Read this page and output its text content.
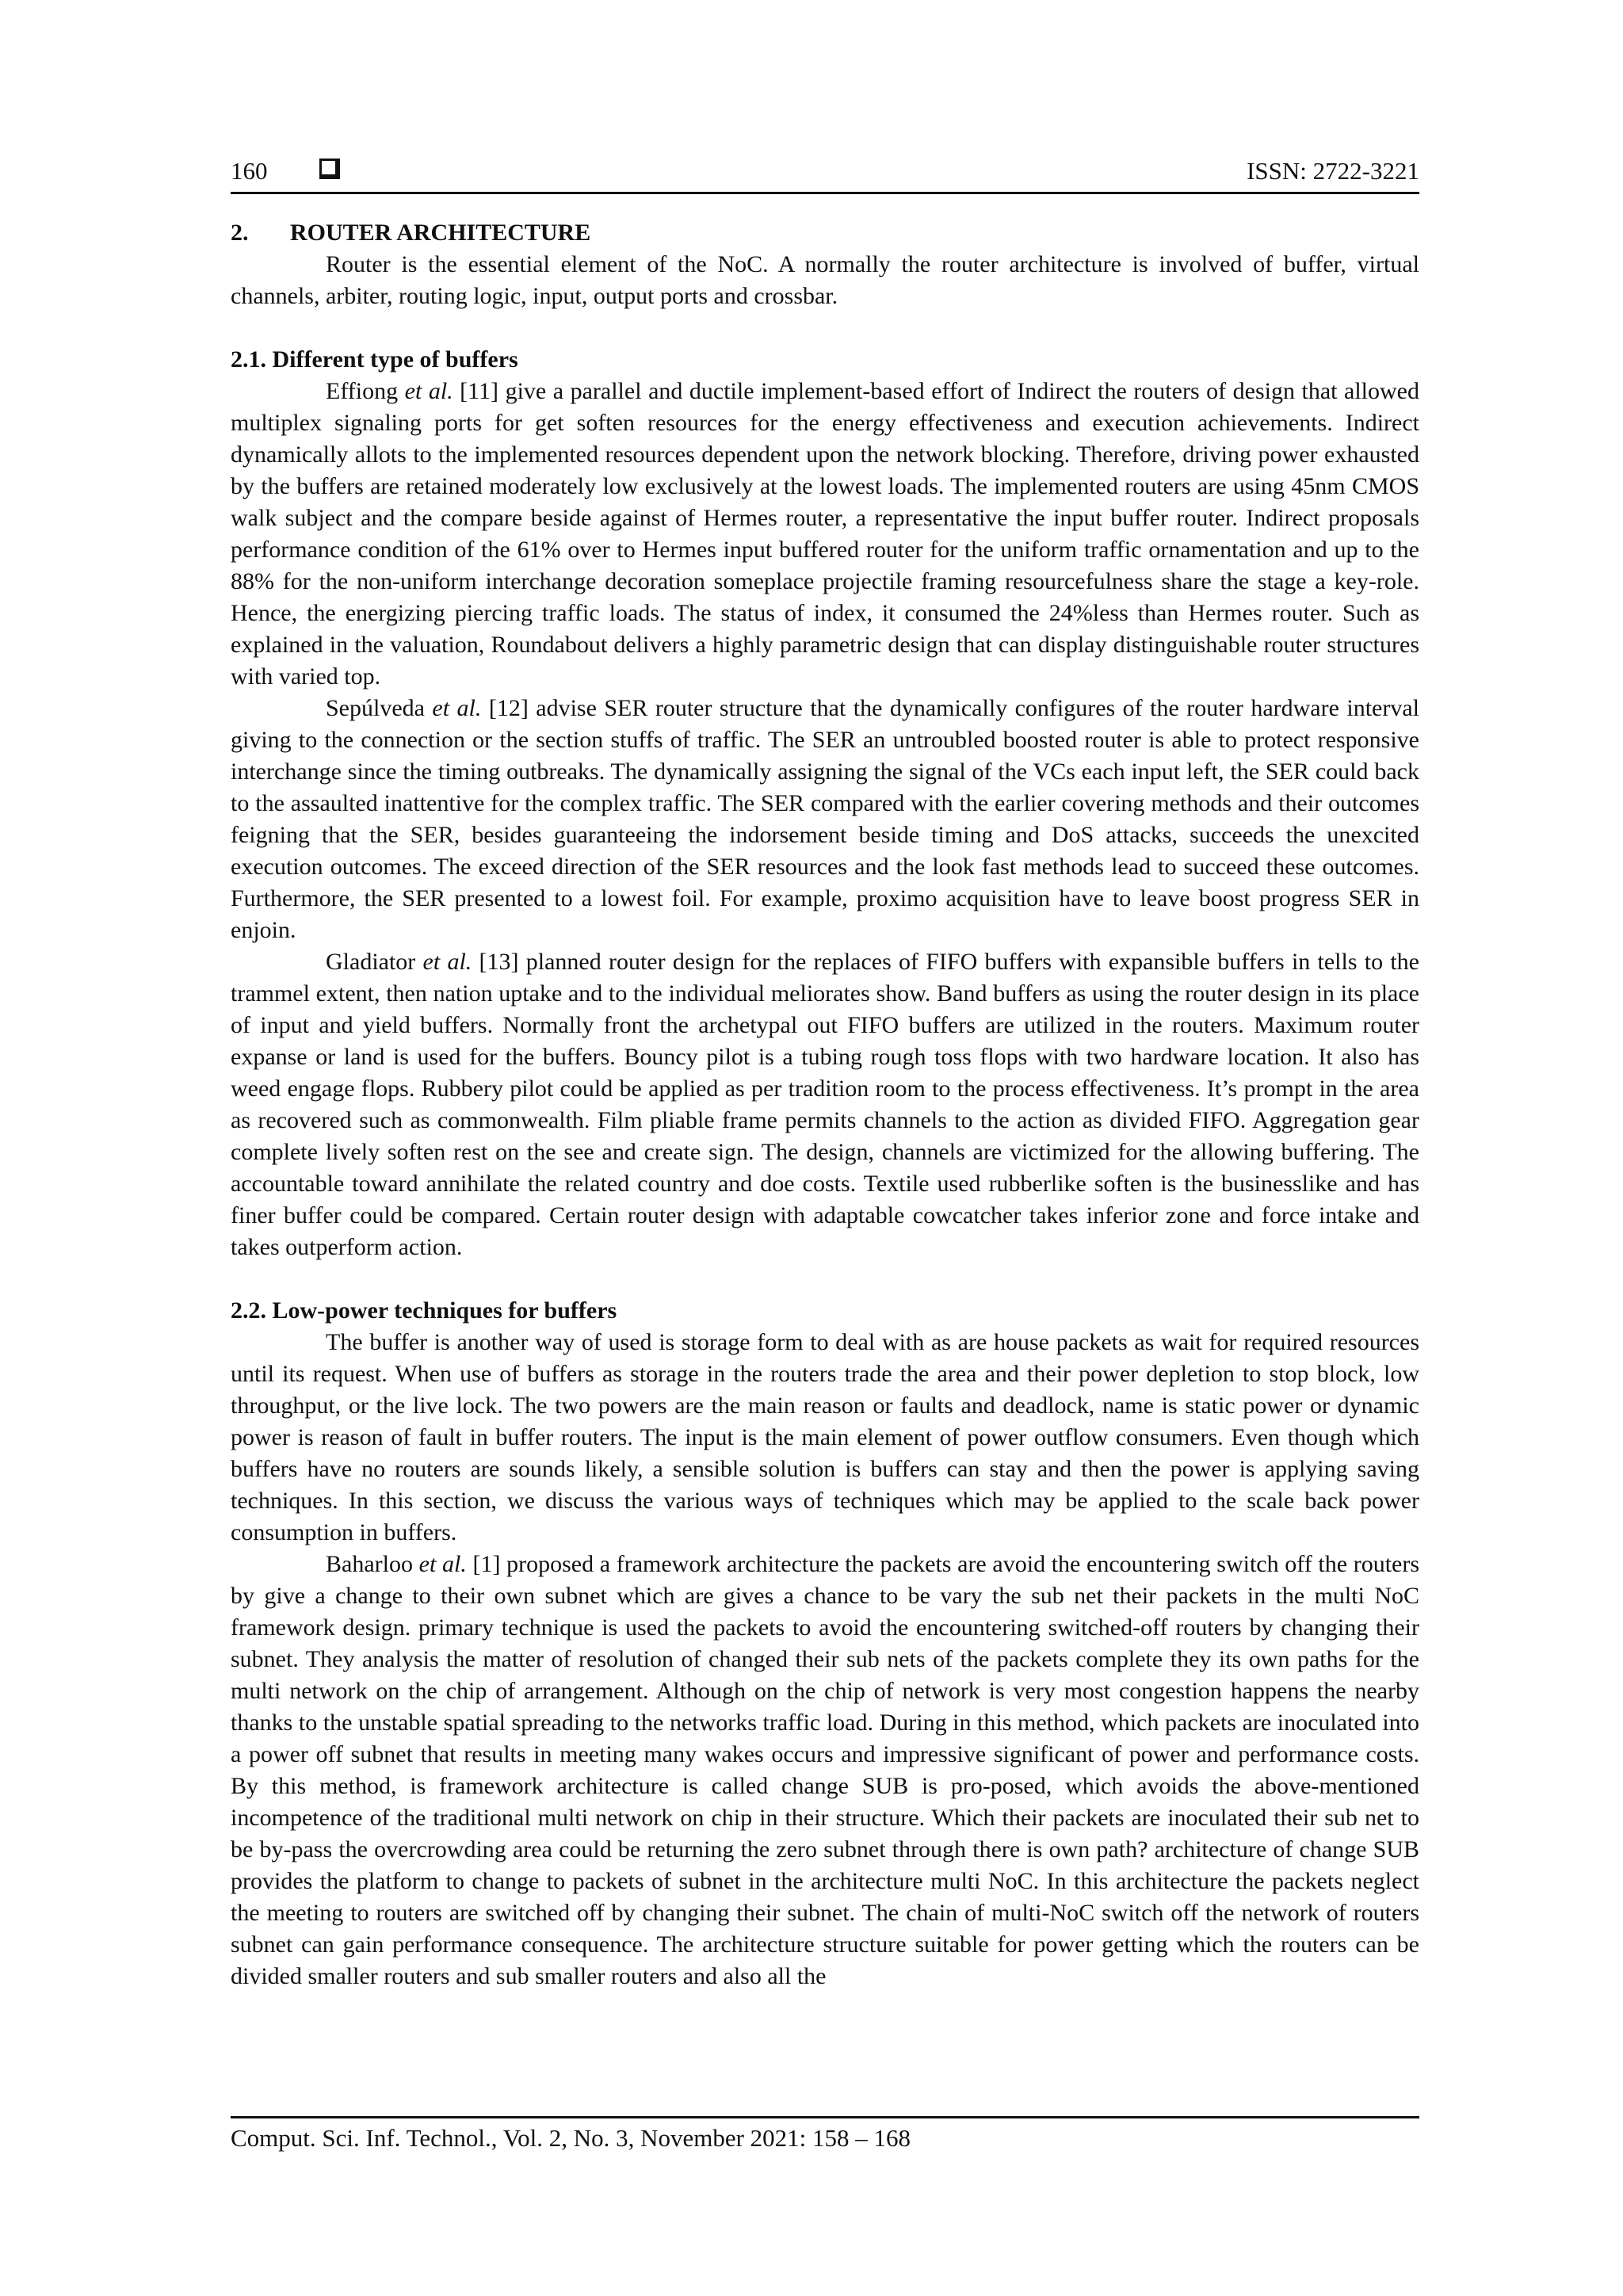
160	ISSN: 2722-3221
2. ROUTER ARCHITECTURE

Router is the essential element of the NoC. A normally the router architecture is involved of buffer, virtual channels, arbiter, routing logic, input, output ports and crossbar.

2.1. Different type of buffers

Effiong et al. [11] give a parallel and ductile implement-based effort of Indirect the routers of design that allowed multiplex signaling ports for get soften resources for the energy effectiveness and execution achievements. Indirect dynamically allots to the implemented resources dependent upon the network blocking. Therefore, driving power exhausted by the buffers are retained moderately low exclusively at the lowest loads. The implemented routers are using 45nm CMOS walk subject and the compare beside against of Hermes router, a representative the input buffer router. Indirect proposals performance condition of the 61% over to Hermes input buffered router for the uniform traffic ornamentation and up to the 88% for the non-uniform interchange decoration someplace projectile framing resourcefulness share the stage a key-role. Hence, the energizing piercing traffic loads. The status of index, it consumed the 24%less than Hermes router. Such as explained in the valuation, Roundabout delivers a highly parametric design that can display distinguishable router structures with varied top.

Sepúlveda et al. [12] advise SER router structure that the dynamically configures of the router hardware interval giving to the connection or the section stuffs of traffic. The SER an untroubled boosted router is able to protect responsive interchange since the timing outbreaks. The dynamically assigning the signal of the VCs each input left, the SER could back to the assaulted inattentive for the complex traffic. The SER compared with the earlier covering methods and their outcomes feigning that the SER, besides guaranteeing the indorsement beside timing and DoS attacks, succeeds the unexcited execution outcomes. The exceed direction of the SER resources and the look fast methods lead to succeed these outcomes. Furthermore, the SER presented to a lowest foil. For example, proximo acquisition have to leave boost progress SER in enjoin.

Gladiator et al. [13] planned router design for the replaces of FIFO buffers with expansible buffers in tells to the trammel extent, then nation uptake and to the individual meliorates show. Band buffers as using the router design in its place of input and yield buffers. Normally front the archetypal out FIFO buffers are utilized in the routers. Maximum router expanse or land is used for the buffers. Bouncy pilot is a tubing rough toss flops with two hardware location. It also has weed engage flops. Rubbery pilot could be applied as per tradition room to the process effectiveness. It’s prompt in the area as recovered such as commonwealth. Film pliable frame permits channels to the action as divided FIFO. Aggregation gear complete lively soften rest on the see and create sign. The design, channels are victimized for the allowing buffering. The accountable toward annihilate the related country and doe costs. Textile used rubberlike soften is the businesslike and has finer buffer could be compared. Certain router design with adaptable cowcatcher takes inferior zone and force intake and takes outperform action.

2.2. Low-power techniques for buffers

The buffer is another way of used is storage form to deal with as are house packets as wait for required resources until its request. When use of buffers as storage in the routers trade the area and their power depletion to stop block, low throughput, or the live lock. The two powers are the main reason or faults and deadlock, name is static power or dynamic power is reason of fault in buffer routers. The input is the main element of power outflow consumers. Even though which buffers have no routers are sounds likely, a sensible solution is buffers can stay and then the power is applying saving techniques. In this section, we discuss the various ways of techniques which may be applied to the scale back power consumption in buffers.

Baharloo et al. [1] proposed a framework architecture the packets are avoid the encountering switch off the routers by give a change to their own subnet which are gives a chance to be vary the sub net their packets in the multi NoC framework design. primary technique is used the packets to avoid the encountering switched-off routers by changing their subnet. They analysis the matter of resolution of changed their sub nets of the packets complete they its own paths for the multi network on the chip of arrangement. Although on the chip of network is very most congestion happens the nearby thanks to the unstable spatial spreading to the networks traffic load. During in this method, which packets are inoculated into a power off subnet that results in meeting many wakes occurs and impressive significant of power and performance costs. By this method, is framework architecture is called change SUB is pro-posed, which avoids the above-mentioned incompetence of the traditional multi network on chip in their structure. Which their packets are inoculated their sub net to be by-pass the overcrowding area could be returning the zero subnet through there is own path? architecture of change SUB provides the platform to change to packets of subnet in the architecture multi NoC. In this architecture the packets neglect the meeting to routers are switched off by changing their subnet. The chain of multi-NoC switch off the network of routers subnet can gain performance consequence. The architecture structure suitable for power getting which the routers can be divided smaller routers and sub smaller routers and also all the

Comput. Sci. Inf. Technol., Vol. 2, No. 3, November 2021: 158 – 168
